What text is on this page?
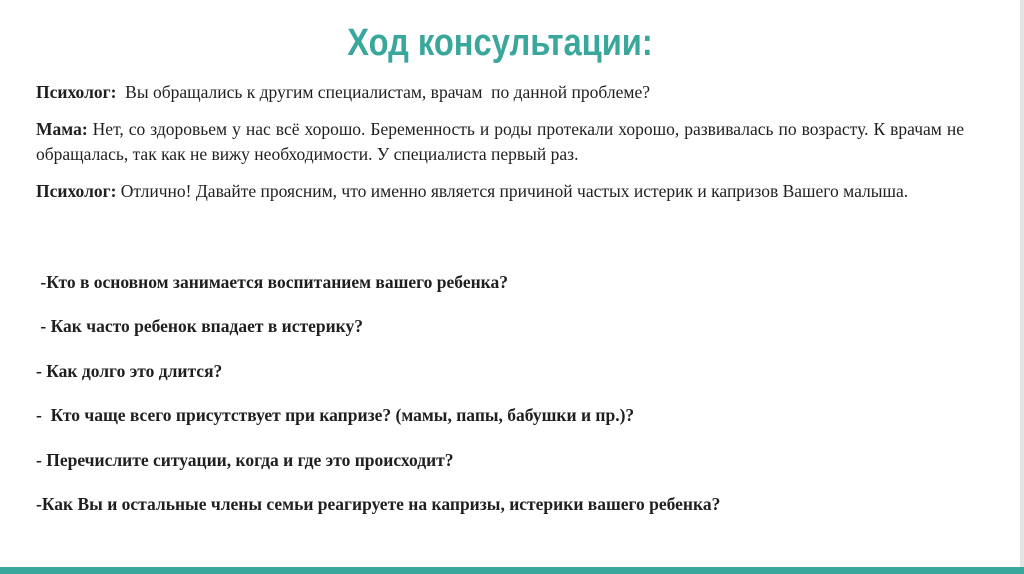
Ход консультации:

Психолог:  Вы обращались к другим специалистам, врачам  по данной проблеме?

Мама: Нет, со здоровьем у нас всё хорошо. Беременность и роды протекали хорошо, развивалась по возрасту. К врачам не обращалась, так как не вижу необходимости. У специалиста первый раз.

Психолог: Отлично! Давайте проясним, что именно является причиной частых истерик и капризов Вашего малыша.

-Кто в основном занимается воспитанием вашего ребенка?

- Как часто ребенок впадает в истерику?

- Как долго это длится?

-  Кто чаще всего присутствует при капризе? (мамы, папы, бабушки и пр.)?

- Перечислите ситуации, когда и где это происходит?

-Как Вы и остальные члены семьи реагируете на капризы, истерики вашего ребенка?
